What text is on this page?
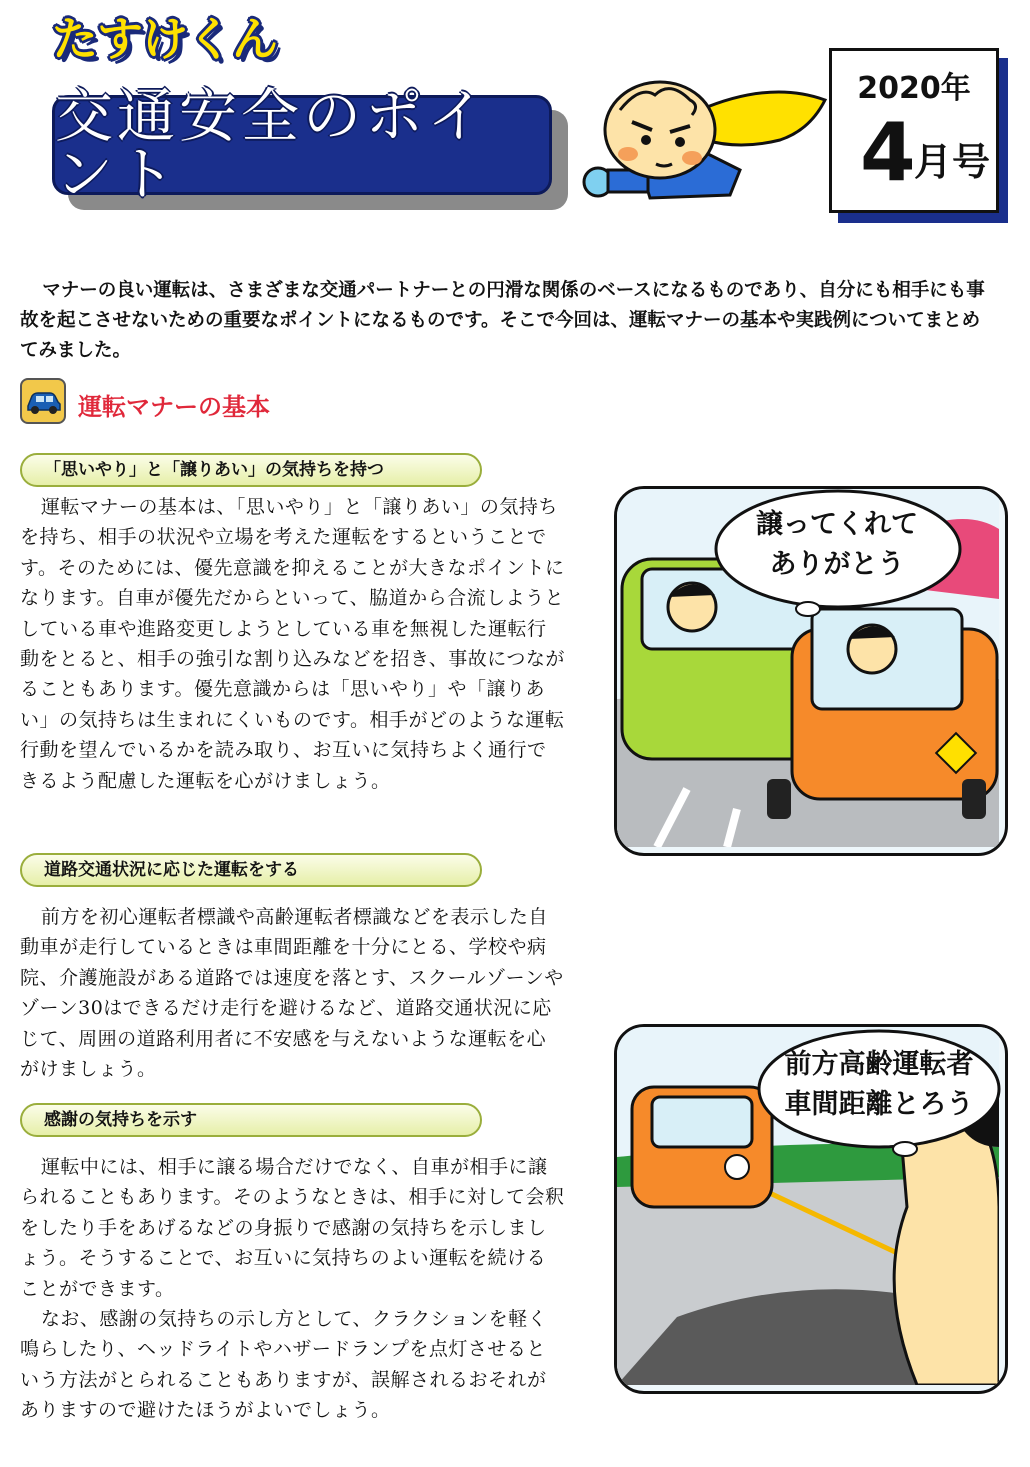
たすけくん
交通安全のポイント
2020年
4
月号
マナーの良い運転は、さまざまな交通パートナーとの円滑な関係のベースになるものであり、自分にも相手にも事故を起こさせないための重要なポイントになるものです。そこで今回は、運転マナーの基本や実践例についてまとめてみました。
運転マナーの基本
「思いやり」と「譲りあい」の気持ちを持つ

運転マナーの基本は、「思いやり」と「譲りあい」の気持ちを持ち、相手の状況や立場を考えた運転をするということです。そのためには、優先意識を抑えることが大きなポイントになります。自車が優先だからといって、脇道から合流しようとしている車や進路変更しようとしている車を無視した運転行動をとると、相手の強引な割り込みなどを招き、事故につながることもあります。優先意識からは「思いやり」や「譲りあい」の気持ちは生まれにくいものです。相手がどのような運転行動を望んでいるかを読み取り、お互いに気持ちよく通行できるよう配慮した運転を心がけましょう。

道路交通状況に応じた運転をする

前方を初心運転者標識や高齢運転者標識などを表示した自動車が走行しているときは車間距離を十分にとる、学校や病院、介護施設がある道路では速度を落とす、スクールゾーンやゾーン30はできるだけ走行を避けるなど、道路交通状況に応じて、周囲の道路利用者に不安感を与えないような運転を心がけましょう。

感謝の気持ちを示す

運転中には、相手に譲る場合だけでなく、自車が相手に譲られることもあります。そのようなときは、相手に対して会釈をしたり手をあげるなどの身振りで感謝の気持ちを示しましょう。そうすることで、お互いに気持ちのよい運転を続けることができます。

なお、感謝の気持ちの示し方として、クラクションを軽く鳴らしたり、ヘッドライトやハザードランプを点灯させるという方法がとられることもありますが、誤解されるおそれがありますので避けたほうがよいでしょう。

譲ってくれて
ありがとう
前方高齢運転者
車間距離とろう
